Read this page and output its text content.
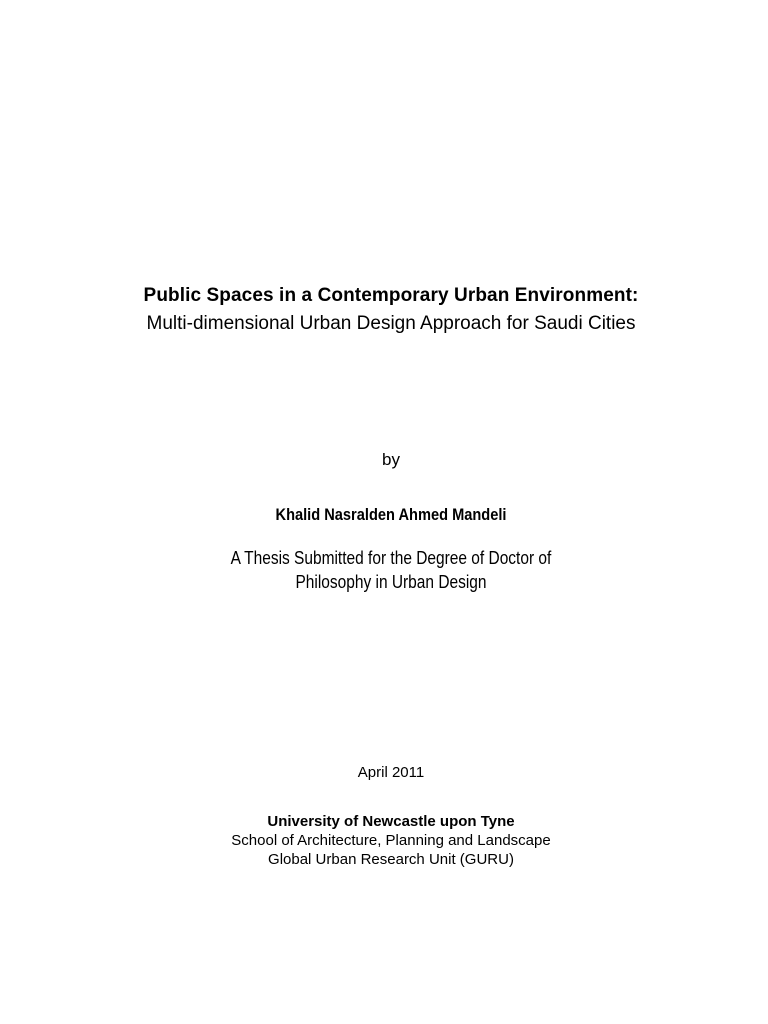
Public Spaces in a Contemporary Urban Environment:

Multi-dimensional Urban Design Approach for Saudi Cities

by

Khalid Nasralden Ahmed Mandeli

A Thesis Submitted for the Degree of Doctor of

Philosophy in Urban Design

April 2011

University of Newcastle upon Tyne

School of Architecture, Planning and Landscape

Global Urban Research Unit (GURU)
